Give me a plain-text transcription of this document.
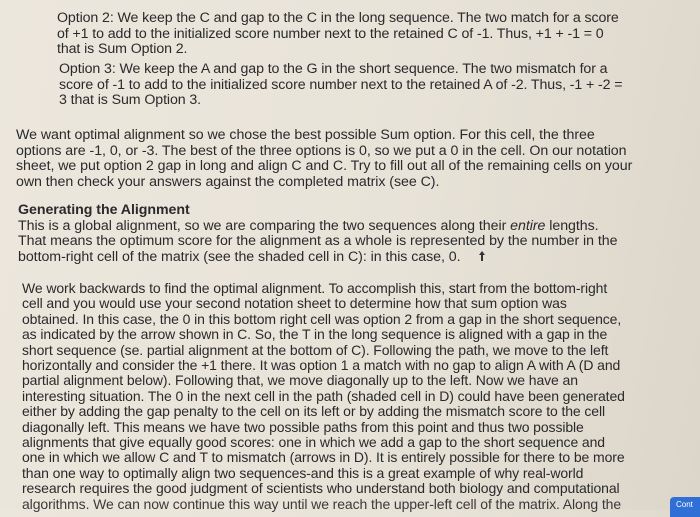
Option 2: We keep the C and gap to the C in the long sequence. The two match for a score
of +1 to add to the initialized score number next to the retained C of -1. Thus, +1 + -1 = 0
that is Sum Option 2.
Option 3: We keep the A and gap to the G in the short sequence. The two mismatch for a
score of -1 to add to the initialized score number next to the retained A of -2. Thus, -1 + -2 =
3 that is Sum Option 3.
We want optimal alignment so we chose the best possible Sum option. For this cell, the three
options are -1, 0, or -3. The best of the three options is 0, so we put a 0 in the cell. On our notation
sheet, we put option 2 gap in long and align C and C. Try to fill out all of the remaining cells on your
own then check your answers against the completed matrix (see C).
Generating the Alignment
This is a global alignment, so we are comparing the two sequences along their entire lengths.
That means the optimum score for the alignment as a whole is represented by the number in the
bottom-right cell of the matrix (see the shaded cell in C): in this case, 0.
We work backwards to find the optimal alignment. To accomplish this, start from the bottom-right
cell and you would use your second notation sheet to determine how that sum option was
obtained. In this case, the 0 in this bottom right cell was option 2 from a gap in the short sequence,
as indicated by the arrow shown in C. So, the T in the long sequence is aligned with a gap in the
short sequence (se. partial alignment at the bottom of C). Following the path, we move to the left
horizontally and consider the +1 there. It was option 1 a match with no gap to align A with A (D and
partial alignment below). Following that, we move diagonally up to the left. Now we have an
interesting situation. The 0 in the next cell in the path (shaded cell in D) could have been generated
either by adding the gap penalty to the cell on its left or by adding the mismatch score to the cell
diagonally left. This means we have two possible paths from this point and thus two possible
alignments that give equally good scores: one in which we add a gap to the short sequence and
one in which we allow C and T to mismatch (arrows in D). It is entirely possible for there to be more
than one way to optimally align two sequences-and this is a great example of why real-world
research requires the good judgment of scientists who understand both biology and computational
algorithms. We can now continue this way until we reach the upper-left cell of the matrix. Along the	Cont
